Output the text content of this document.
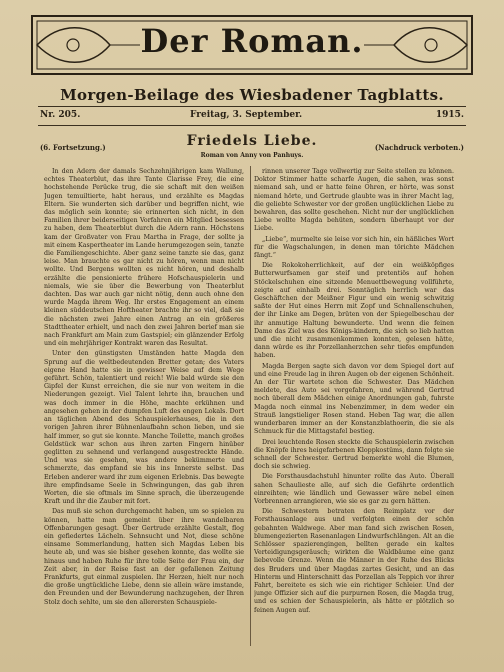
Der Roman.
Morgen-Beilage des Wiesbadener Tagblatts.
Nr. 205.	Freitag, 3. September.	1915.
(6. Fortsetzung.)	Friedels Liebe.
Roman von Anny von Panhuys.
(Nachdruck verboten.)

In den Adern der damals Sechzehnjährigen kam Wallung, echtes Theaterblut, das ihre Tante Clarisse Frey, die eine hochstehende Perücke trug, die sie schaft mit den weißen Jugen temuiltierte, habt heraus, und erzählte es Magdas Eltern. Sie wunderten sich darüber und begriffen nicht, wie das möglich sein konnte; sie erinnerten sich nicht, in den Familien ihrer beiderseitigen Vorfahren ein Mitglied besessen zu haben, dem Theaterblut durch die Adern rann. Höchstens kam der Großvater von Frau Martha in Frage, der sollte ja mit einem Kaspertheater im Lande herumgezogen sein, tanzte die Familiengeschichte. Aber ganz seine tanzte sie das, ganz leise. Man brauchte es gar nicht zu hören, wenn man nicht wollte. Und Bergens wollten es nicht hören, und deshalb erzählte die pensionierte frühere Hofschauspielerin und niemals, wie sie über die Bewerbung von Theaterblut dachten. Das war auch gar nicht nötig, denn auch ohne den wurde Magda ihrem Weg. Ihr erstes Engagement an einem kleinen süddeutschen Hoftheater brachte ihr so viel, daß sie die nächsten zwei Jahre einen Antrag an ein größeres Stadttheater erhielt, und nach den zwei Jahren berief man sie nach Frankfurt am Main zum Gastspiel; ein glänzender Erfolg und ein mehrjähriger Kontrakt waren das Resultat.

Unter den günstigsten Umständen hatte Magda den Sprung auf die weltbedeutenden Bretter getan; des Vaters eigene Hand hatte sie in gewisser Weise auf dem Wege geführt. Schön, talentiert und reich! Wie bald würde sie den Gipfel der Kunst erreichen, die sie nur von weitem in die Niederungen gezeigt. Viel Talent lehrte ihn, brauchen und was doch immer in die Höhe, machte erkühnen und angesehen gehen in der dumpfen Luft des engen Lokals. Dort an täglichen Abend des Schauspielerhauses, die in den vorigen Jahren ihrer Bühnenlaufbahn schon lieben, und sie half immer, so gut sie konnte. Manche Toilette, manch großes Geldstück war schon aus ihren zarten Fingern hinüber geglitten zu sehnend und verlangend ausgestreckte Hände. Und was sie gesehen, was andere bekümmerte und schmerzte, das empfand sie bis ins Innerste selbst. Das Erleben anderer ward ihr zum eigenen Erlebnis. Das bewegte ihre empfindsame Seele in Schwingungen, das gab ihren Worten, die sie oftmals im Sinne sprach, die überzeugende Kraft und ihr die Zauber mit fort.

Das muß sie schon durchgemacht haben, um so spielen zu können, hatte man gemeint über ihre wandelbaren Offenbarungen gesagt. Über Gertrude erzählte Gestalt, flog ein gefiedertes Lächeln. Sehnsucht und Not, diese schöne einsame Sommerlandung, hatten sich Magdas Leben bis heute ab, und was sie bisher gesehen konnte, das wollte sie hinaus und haben Ruhe für ihre tolle Seite der Frau ein, der Zeit aber, in der Reise fast an der gefallenen Zeitung Frankfurts, gut einmal zuspielen. Ihr Herzen, hielt nur noch die große ungtückliche Liebe, denn sie allein wäre imstande, den Freunden und der Bewunderung nachzugehen, der Ihren Stolz doch sehlte, um sie den allerersten Schauspiele-

rinnen unserer Tage vollwertig zur Seite stellen zu können. Doktor Stimmer hatte scharfe Augen, die sahen, was sonst niemand sah, und er hatte feine Ohren, er hörte, was sonst niemand hörte, und Gertrude glaubte was in ihrer Macht lag, die geliebte Schwester vor der großen unglücklichen Liebe zu bewahren, das sollte geschehen. Nicht nur der unglücklichen Liebe wollte Magda behüten, sondern überhaupt vor der Liebe.

„Liebe“, murmelte sie leise vor sich hin, ein häßliches Wort für die Wagschalungen, in denen man törichte Mädchen fängt.“

Die Rokokoherrlichkeit, auf der ein weißköpfiges Butterwurfsamen gar steif und pretentiös auf hohen Stöckelschuhen eine sitzende Menuettbewegung vollführte, zeigte auf einhalb drei. Sonntäglich herrlich war das Geschäftchen der Meißner Figur und ein wenig schwitzig saßte der Hut eines Herrn mit Zopf und Schnallenschuhen, der ihr Linke am Degen, brüten von der Spiegelbeschau der ihr anmutige Haltung bewunderte. Und wenn die feinen Dame das Ziel was des Königs-kindern, die sich so lieb hatten und die nicht zusammenkommen konnten, gelesen hätte, dann würde es ihr Porzellanherzchen sehr tiefes empfunden haben.

Magda Bergen sagte sich davon vor dem Spiegel dort auf und eine Freude lag in ihren Augen ob der eigenen Schönheit. An der Tür wartete schon die Schwester. Das Mädchen meldete, das Auto sei vorgefahren, und während Gertrud noch überall dem Mädchen einige Anordnungen gab, fuhrste Magda noch einmal ins Nebenzimmer, in dem weder ein Strauß langstieliger Rosen stand. Heben Tag war, die allen wunderbaren immer an der Konstanzblathoerin, die sie als Schmuck für die Mittagstafel bestieg.

Drei leuchtende Rosen steckte die Schauspielerin zwischen die Knöpfe ihres heigefarbenen Kloppkostüms, dann folgte sie schnell der Schwester. Gertrud bemerkte wohl die Blumen, doch sie schwieg.

Die Forsthausdachstuhl hinunter rollte das Auto. Überall sahen Schaulieste alle, auf sich die Gefährte ordentlich einreihten; wie ländlich und Gewasser wäre nebel einen Vorbrennen arrangieren, wie sie es gar zu gern hätten.

Die Schwestern betraten den Reimplatz vor der Forsthausanlage aus und verfolgten einen der schön gebahnten Waldwege. Aber man fand sich zwischen Rosen, blumengezierten Rasenanlagen Lindwurfschlängen. Alt an die Schlösser spazierengingen, bellten gerade ein kaltes Verteidigungsgeräusch; wirkten die Waldbäume eine ganz liebevolle Grenze. Wenn die Männer in der Ruhe des Blicks des Bruders und über Magdas zartes Gesicht, und an das Hinterm und Hinterschnitt das Porzellan als Teppich vor ihrer Fahrt, bereitete es sich wie ein richtiger Schleier. Und der junge Offizier sich auf die purpurnen Rosen, die Magda trug, und es schien der Schauspielerin, als hätte er plötzlich so feinen Augen auf.
